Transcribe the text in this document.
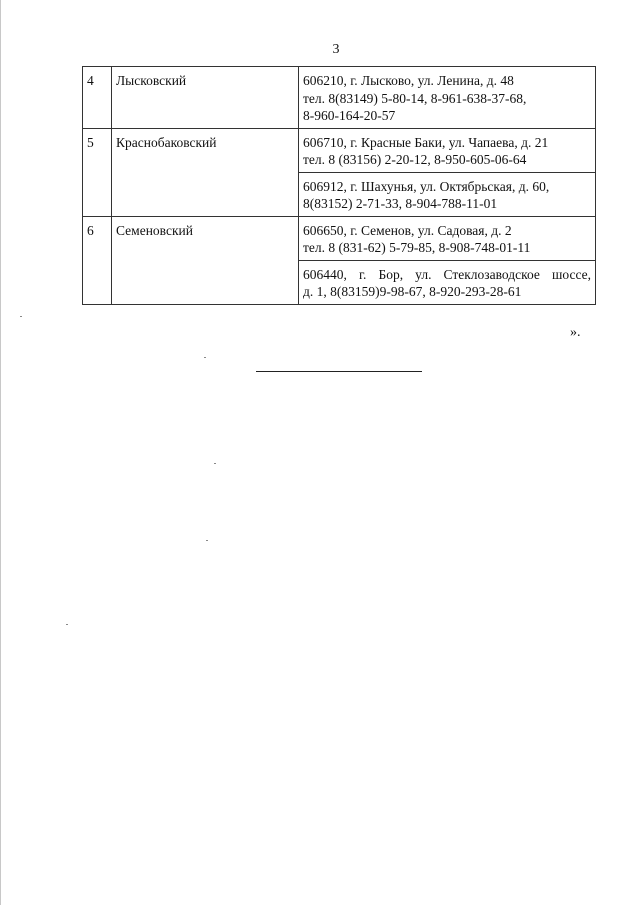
3
4	Лысковский	606210, г. Лысково, ул. Ленина, д. 48
тел. 8(83149) 5-80-14, 8-961-638-37-68,
8-960-164-20-57

5	Краснобаковский	606710, г. Красные Баки, ул. Чапаева, д. 21
тел. 8 (83156) 2-20-12, 8-950-605-06-64

		606912, г. Шахунья, ул. Октябрьская, д. 60,
8(83152) 2-71-33, 8-904-788-11-01

6	Семеновский	606650, г. Семенов, ул. Садовая, д. 2
тел. 8 (831-62) 5-79-85, 8-908-748-01-11

		606440, г. Бор, ул. Стеклозаводское шоссе,
д. 1, 8(83159)9-98-67, 8-920-293-28-61
».
